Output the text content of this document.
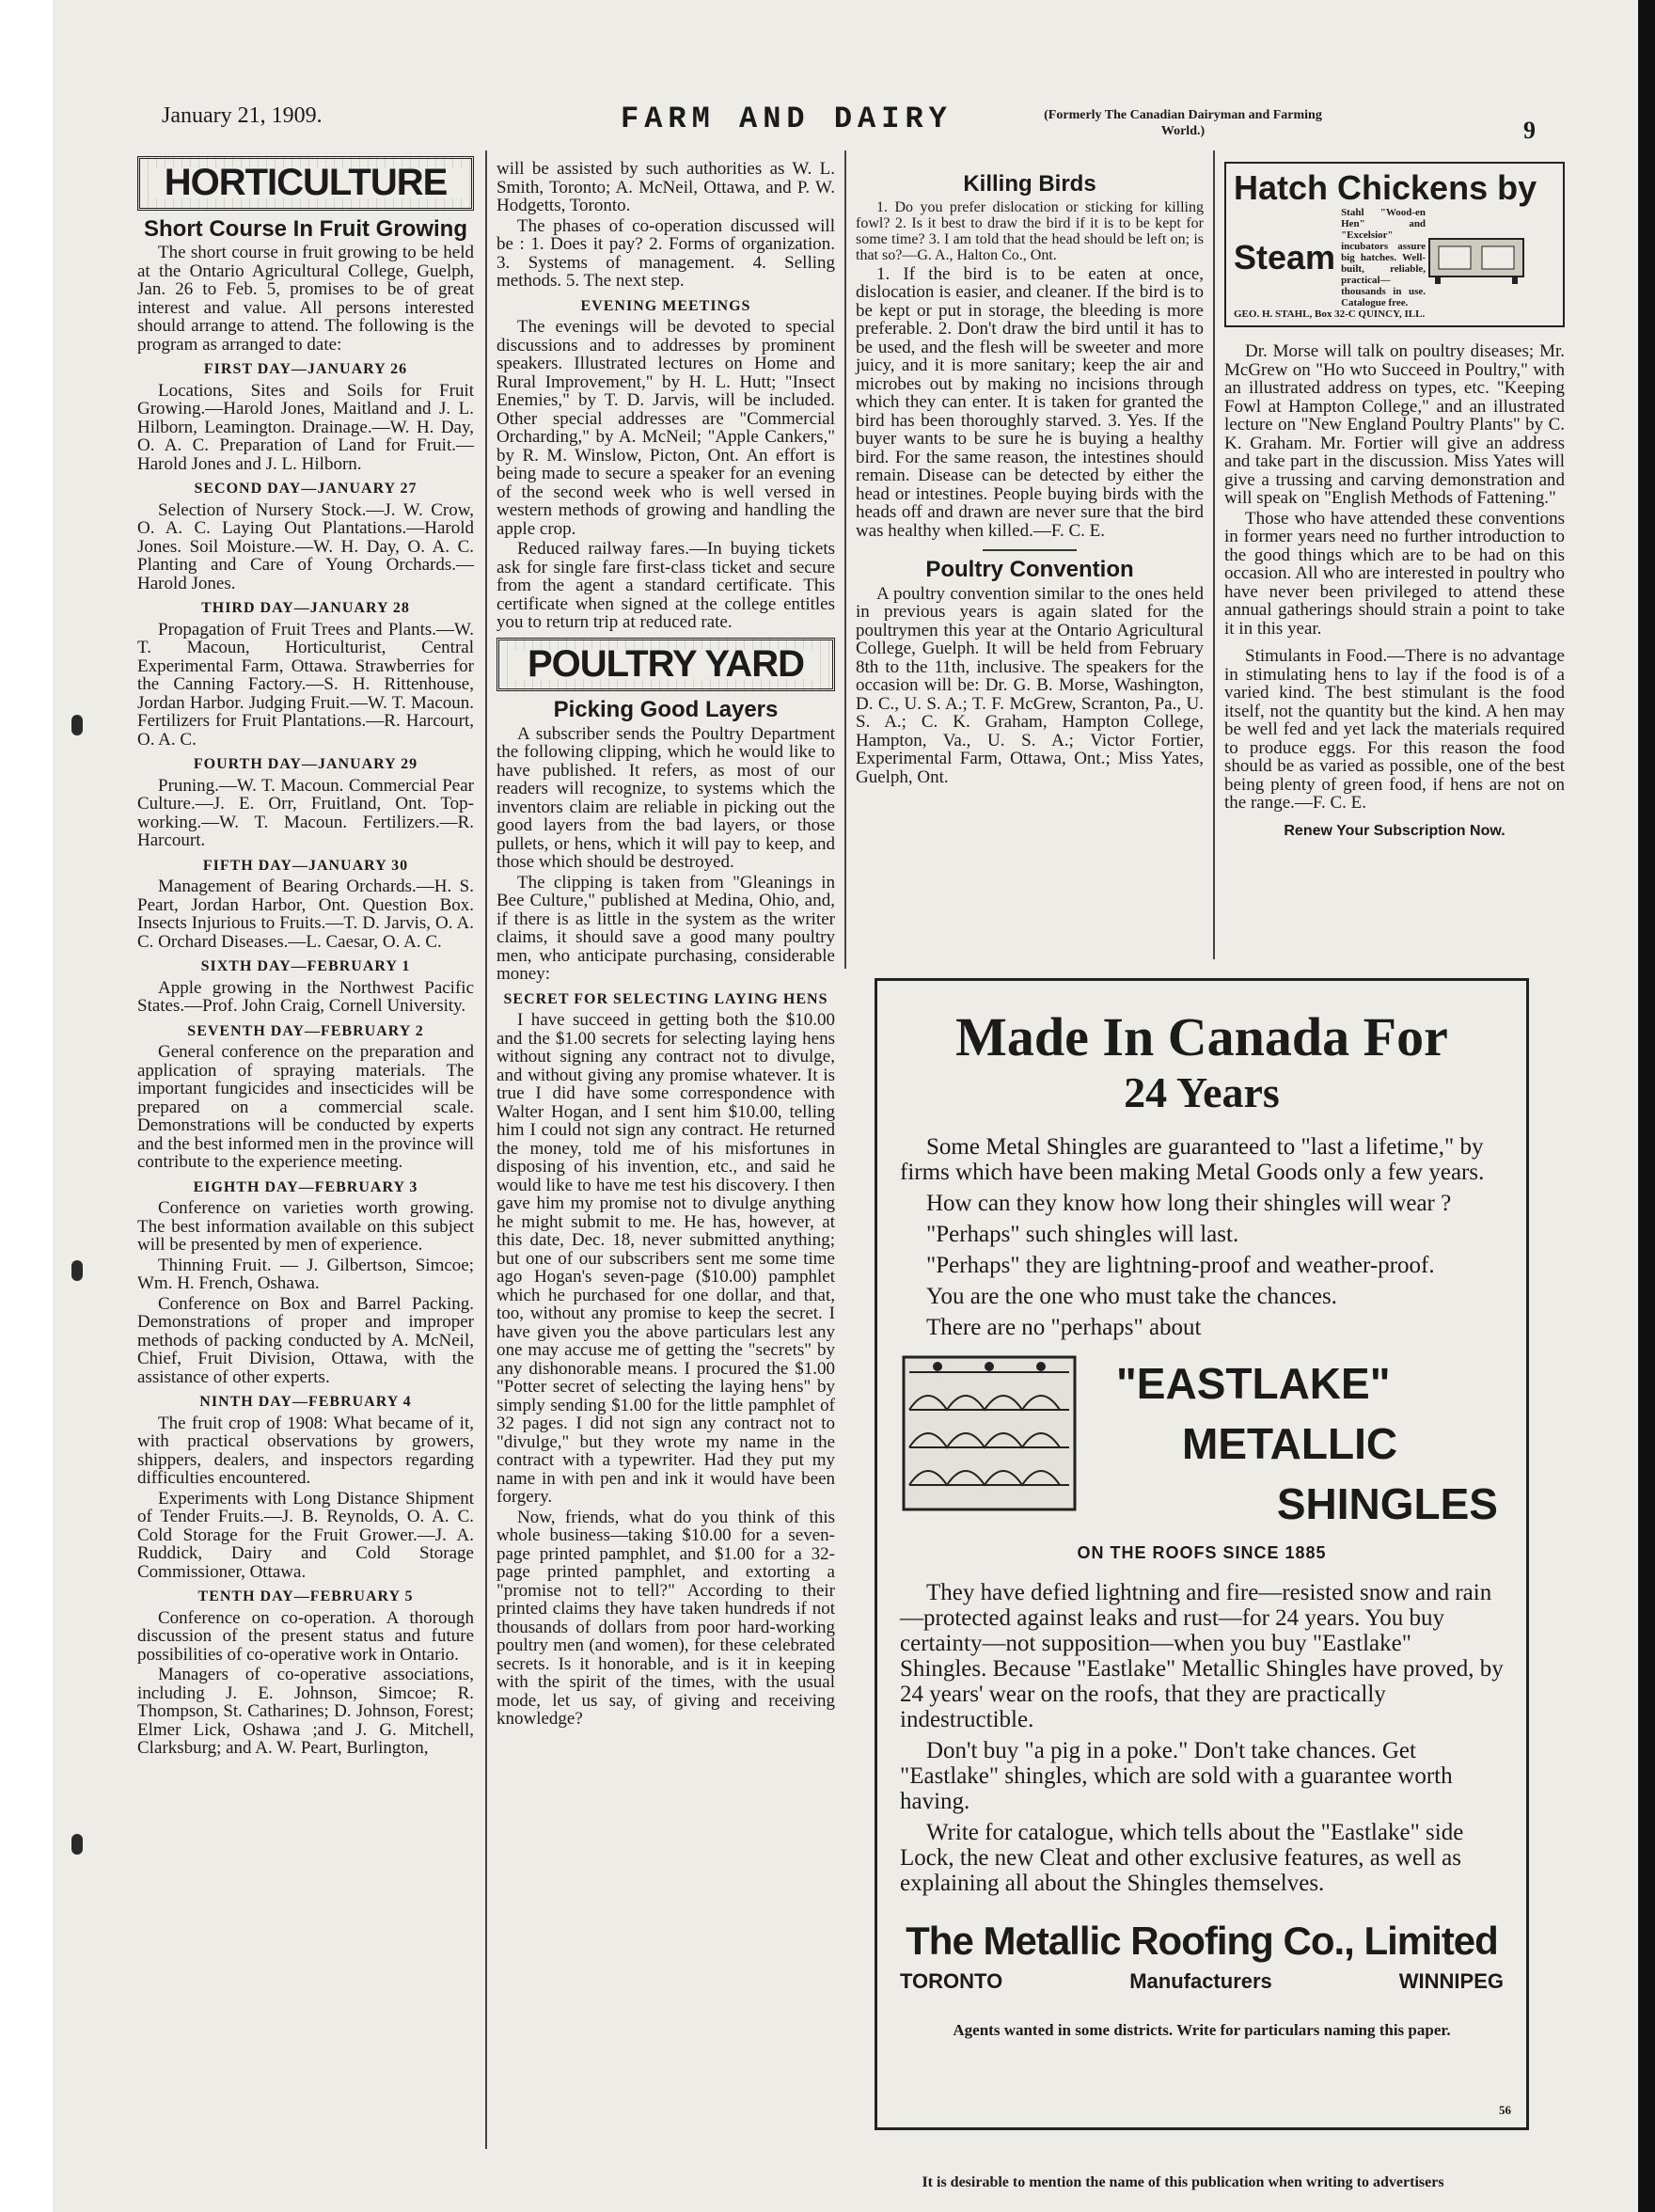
January 21, 1909.	FARM AND DAIRY	(Formerly The Canadian Dairyman and Farming World.)	9
HORTICULTURE
Short Course In Fruit Growing

The short course in fruit growing to be held at the Ontario Agricultural College, Guelph, Jan. 26 to Feb. 5, promises to be of great interest and value. All persons interested should arrange to attend. The following is the program as arranged to date:

FIRST DAY—JANUARY 26

Locations, Sites and Soils for Fruit Growing.—Harold Jones, Maitland and J. L. Hilborn, Leamington. Drainage.—W. H. Day, O. A. C. Preparation of Land for Fruit.—Harold Jones and J. L. Hilborn.

SECOND DAY—JANUARY 27

Selection of Nursery Stock.—J. W. Crow, O. A. C. Laying Out Plantations.—Harold Jones. Soil Moisture.—W. H. Day, O. A. C. Planting and Care of Young Orchards.—Harold Jones.

THIRD DAY—JANUARY 28

Propagation of Fruit Trees and Plants.—W. T. Macoun, Horticulturist, Central Experimental Farm, Ottawa. Strawberries for the Canning Factory.—S. H. Rittenhouse, Jordan Harbor. Judging Fruit.—W. T. Macoun. Fertilizers for Fruit Plantations.—R. Harcourt, O. A. C.

FOURTH DAY—JANUARY 29

Pruning.—W. T. Macoun. Commercial Pear Culture.—J. E. Orr, Fruitland, Ont. Top-working.—W. T. Macoun. Fertilizers.—R. Harcourt.

FIFTH DAY—JANUARY 30

Management of Bearing Orchards.—H. S. Peart, Jordan Harbor, Ont. Question Box. Insects Injurious to Fruits.—T. D. Jarvis, O. A. C. Orchard Diseases.—L. Caesar, O. A. C.

SIXTH DAY—FEBRUARY 1

Apple growing in the Northwest Pacific States.—Prof. John Craig, Cornell University.

SEVENTH DAY—FEBRUARY 2

General conference on the preparation and application of spraying materials. The important fungicides and insecticides will be prepared on a commercial scale. Demonstrations will be conducted by experts and the best informed men in the province will contribute to the experience meeting.

EIGHTH DAY—FEBRUARY 3

Conference on varieties worth growing. The best information available on this subject will be presented by men of experience.

Thinning Fruit. — J. Gilbertson, Simcoe; Wm. H. French, Oshawa.

Conference on Box and Barrel Packing. Demonstrations of proper and improper methods of packing conducted by A. McNeil, Chief, Fruit Division, Ottawa, with the assistance of other experts.

NINTH DAY—FEBRUARY 4

The fruit crop of 1908: What became of it, with practical observations by growers, shippers, dealers, and inspectors regarding difficulties encountered.

Experiments with Long Distance Shipment of Tender Fruits.—J. B. Reynolds, O. A. C. Cold Storage for the Fruit Grower.—J. A. Ruddick, Dairy and Cold Storage Commissioner, Ottawa.

TENTH DAY—FEBRUARY 5

Conference on co-operation. A thorough discussion of the present status and future possibilities of co-operative work in Ontario.

Managers of co-operative associations, including J. E. Johnson, Simcoe; R. Thompson, St. Catharines; D. Johnson, Forest; Elmer Lick, Oshawa ;and J. G. Mitchell, Clarksburg; and A. W. Peart, Burlington,

will be assisted by such authorities as W. L. Smith, Toronto; A. McNeil, Ottawa, and P. W. Hodgetts, Toronto.

The phases of co-operation discussed will be : 1. Does it pay? 2. Forms of organization. 3. Systems of management. 4. Selling methods. 5. The next step.

EVENING MEETINGS

The evenings will be devoted to special discussions and to addresses by prominent speakers. Illustrated lectures on Home and Rural Improvement," by H. L. Hutt; "Insect Enemies," by T. D. Jarvis, will be included. Other special addresses are "Commercial Orcharding," by A. McNeil; "Apple Cankers," by R. M. Winslow, Picton, Ont. An effort is being made to secure a speaker for an evening of the second week who is well versed in western methods of growing and handling the apple crop.

Reduced railway fares.—In buying tickets ask for single fare first-class ticket and secure from the agent a standard certificate. This certificate when signed at the college entitles you to return trip at reduced rate.

POULTRY YARD
Picking Good Layers

A subscriber sends the Poultry Department the following clipping, which he would like to have published. It refers, as most of our readers will recognize, to systems which the inventors claim are reliable in picking out the good layers from the bad layers, or those pullets, or hens, which it will pay to keep, and those which should be destroyed.

The clipping is taken from "Gleanings in Bee Culture," published at Medina, Ohio, and, if there is as little in the system as the writer claims, it should save a good many poultry men, who anticipate purchasing, considerable money:

SECRET FOR SELECTING LAYING HENS

I have succeed in getting both the $10.00 and the $1.00 secrets for selecting laying hens without signing any contract not to divulge, and without giving any promise whatever. It is true I did have some correspondence with Walter Hogan, and I sent him $10.00, telling him I could not sign any contract. He returned the money, told me of his misfortunes in disposing of his invention, etc., and said he would like to have me test his discovery. I then gave him my promise not to divulge anything he might submit to me. He has, however, at this date, Dec. 18, never submitted anything; but one of our subscribers sent me some time ago Hogan's seven-page ($10.00) pamphlet which he purchased for one dollar, and that, too, without any promise to keep the secret. I have given you the above particulars lest any one may accuse me of getting the "secrets" by any dishonorable means. I procured the $1.00 "Potter secret of selecting the laying hens" by simply sending $1.00 for the little pamphlet of 32 pages. I did not sign any contract not to "divulge," but they wrote my name in the contract with a typewriter. Had they put my name in with pen and ink it would have been forgery.

Now, friends, what do you think of this whole business—taking $10.00 for a seven-page printed pamphlet, and $1.00 for a 32-page printed pamphlet, and extorting a "promise not to tell?" According to their printed claims they have taken hundreds if not thousands of dollars from poor hard-working poultry men (and women), for these celebrated secrets. Is it honorable, and is it in keeping with the spirit of the times, with the usual mode, let us say, of giving and receiving knowledge?

Killing Birds

1. Do you prefer dislocation or sticking for killing fowl? 2. Is it best to draw the bird if it is to be kept for some time? 3. I am told that the head should be left on; is that so?—G. A., Halton Co., Ont.

1. If the bird is to be eaten at once, dislocation is easier, and cleaner. If the bird is to be kept or put in storage, the bleeding is more preferable. 2. Don't draw the bird until it has to be used, and the flesh will be sweeter and more juicy, and it is more sanitary; keep the air and microbes out by making no incisions through which they can enter. It is taken for granted the bird has been thoroughly starved. 3. Yes. If the buyer wants to be sure he is buying a healthy bird. For the same reason, the intestines should remain. Disease can be detected by either the head or intestines. People buying birds with the heads off and drawn are never sure that the bird was healthy when killed.—F. C. E.

Poultry Convention

A poultry convention similar to the ones held in previous years is again slated for the poultrymen this year at the Ontario Agricultural College, Guelph. It will be held from February 8th to the 11th, inclusive. The speakers for the occasion will be: Dr. G. B. Morse, Washington, D. C., U. S. A.; T. F. McGrew, Scranton, Pa., U. S. A.; C. K. Graham, Hampton College, Hampton, Va., U. S. A.; Victor Fortier, Experimental Farm, Ottawa, Ont.; Miss Yates, Guelph, Ont.

Hatch Chickens by
Steam
Stahl "Wood-en Hen" and "Excelsior" incubators assure big hatches. Well-built, reliable, practical—thousands in use. Catalogue free.
GEO. H. STAHL, Box 32-C QUINCY, ILL.

Dr. Morse will talk on poultry diseases; Mr. McGrew on "Ho wto Succeed in Poultry," with an illustrated address on types, etc. "Keeping Fowl at Hampton College," and an illustrated lecture on "New England Poultry Plants" by C. K. Graham. Mr. Fortier will give an address and take part in the discussion. Miss Yates will give a trussing and carving demonstration and will speak on "English Methods of Fattening."

Those who have attended these conventions in former years need no further introduction to the good things which are to be had on this occasion. All who are interested in poultry who have never been privileged to attend these annual gatherings should strain a point to take it in this year.

Stimulants in Food.—There is no advantage in stimulating hens to lay if the food is of a varied kind. The best stimulant is the food itself, not the quantity but the kind. A hen may be well fed and yet lack the materials required to produce eggs. For this reason the food should be as varied as possible, one of the best being plenty of green food, if hens are not on the range.—F. C. E.

Renew Your Subscription Now.
Made In Canada For
24 Years

Some Metal Shingles are guaranteed to "last a lifetime," by firms which have been making Metal Goods only a few years.

How can they know how long their shingles will wear ?

"Perhaps" such shingles will last.

"Perhaps" they are lightning-proof and weather-proof.

You are the one who must take the chances.

There are no "perhaps" about

"EASTLAKE"
METALLIC
SHINGLES
ON THE ROOFS SINCE 1885

They have defied lightning and fire—resisted snow and rain—protected against leaks and rust—for 24 years. You buy certainty—not supposition—when you buy "Eastlake" Shingles. Because "Eastlake" Metallic Shingles have proved, by 24 years' wear on the roofs, that they are practically indestructible.

Don't buy "a pig in a poke." Don't take chances. Get "Eastlake" shingles, which are sold with a guarantee worth having.

Write for catalogue, which tells about the "Eastlake" side Lock, the new Cleat and other exclusive features, as well as explaining all about the Shingles themselves.

The Metallic Roofing Co., Limited
TORONTO	Manufacturers	WINNIPEG
Agents wanted in some districts. Write for particulars naming this paper.
56
It is desirable to mention the name of this publication when writing to advertisers
